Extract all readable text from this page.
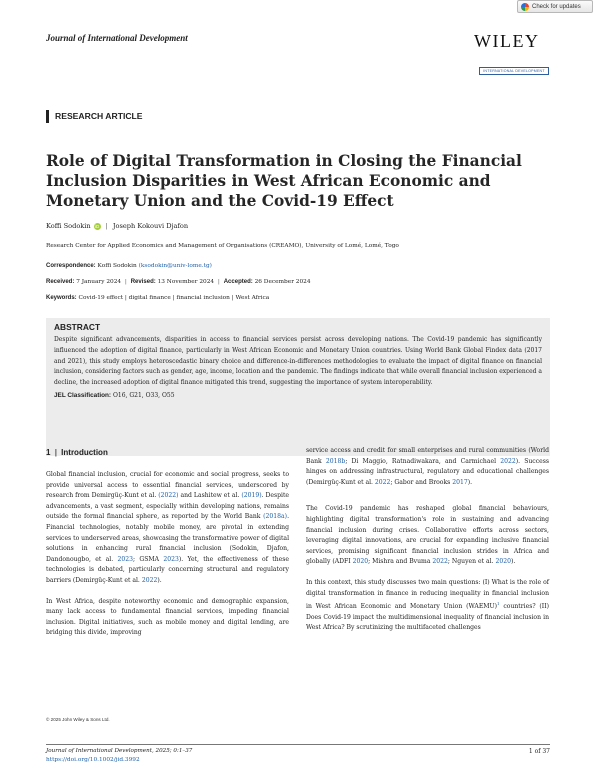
Check for updates
Journal of International Development	WILEY
INTERNATIONAL DEVELOPMENT
RESEARCH ARTICLE
Role of Digital Transformation in Closing the Financial Inclusion Disparities in West African Economic and Monetary Union and the Covid-19 Effect
Koffi Sodokin iD | Joseph Kokouvi Djafon
Research Center for Applied Economics and Management of Organisations (CREAMO), University of Lomé, Lomé, Togo
Correspondence: Koffi Sodokin (ksodokin@univ-lome.tg)
Received: 7 January 2024 | Revised: 13 November 2024 | Accepted: 26 December 2024
Keywords: Covid-19 effect | digital finance | financial inclusion | West Africa
ABSTRACT

Despite significant advancements, disparities in access to financial services persist across developing nations. The Covid-19 pandemic has significantly influenced the adoption of digital finance, particularly in West African Economic and Monetary Union countries. Using World Bank Global Findex data (2017 and 2021), this study employs heteroscedastic binary choice and difference-in-differences methodologies to evaluate the impact of digital finance on financial inclusion, considering factors such as gender, age, income, location and the pandemic. The findings indicate that while overall financial inclusion experienced a decline, the increased adoption of digital finance mitigated this trend, suggesting the importance of system interoperability.

JEL Classification: O16, G21, O33, O55
1 | Introduction

Global financial inclusion, crucial for economic and social progress, seeks to provide universal access to essential financial services, underscored by research from Demirgüç-Kunt et al. (2022) and Lashitew et al. (2019). Despite advancements, a vast segment, especially within developing nations, remains outside the formal financial sphere, as reported by the World Bank (2018a). Financial technologies, notably mobile money, are pivotal in extending services to underserved areas, showcasing the transformative power of digital solutions in enhancing rural financial inclusion (Sodokin, Djafon, Dandonougbo, et al. 2023; GSMA 2023). Yet, the effectiveness of these technologies is debated, particularly concerning structural and regulatory barriers (Demirgüç-Kunt et al. 2022).

In West Africa, despite noteworthy economic and demographic expansion, many lack access to fundamental financial services, impeding financial inclusion. Digital initiatives, such as mobile money and digital lending, are bridging this divide, improving

service access and credit for small enterprises and rural communities (World Bank 2018b; Di Maggio, Ratnadiwakara, and Carmichael 2022). Success hinges on addressing infrastructural, regulatory and educational challenges (Demirgüç-Kunt et al. 2022; Gabor and Brooks 2017).

The Covid-19 pandemic has reshaped global financial behaviours, highlighting digital transformation's role in sustaining and advancing financial inclusion during crises. Collaborative efforts across sectors, leveraging digital innovations, are crucial for expanding inclusive financial services, promising significant financial inclusion strides in Africa and globally (ADFI 2020; Mishra and Bvuma 2022; Nguyen et al. 2020).

In this context, this study discusses two main questions: (I) What is the role of digital transformation in finance in reducing inequality in financial inclusion in West African Economic and Monetary Union (WAEMU)$^1$ countries? (II) Does Covid-19 impact the multidimensional inequality of financial inclusion in West Africa? By scrutinizing the multifaceted challenges

© 2025 John Wiley & Sons Ltd.
Journal of International Development, 2025; 0:1–37
https://doi.org/10.1002/jid.3992
1 of 37
